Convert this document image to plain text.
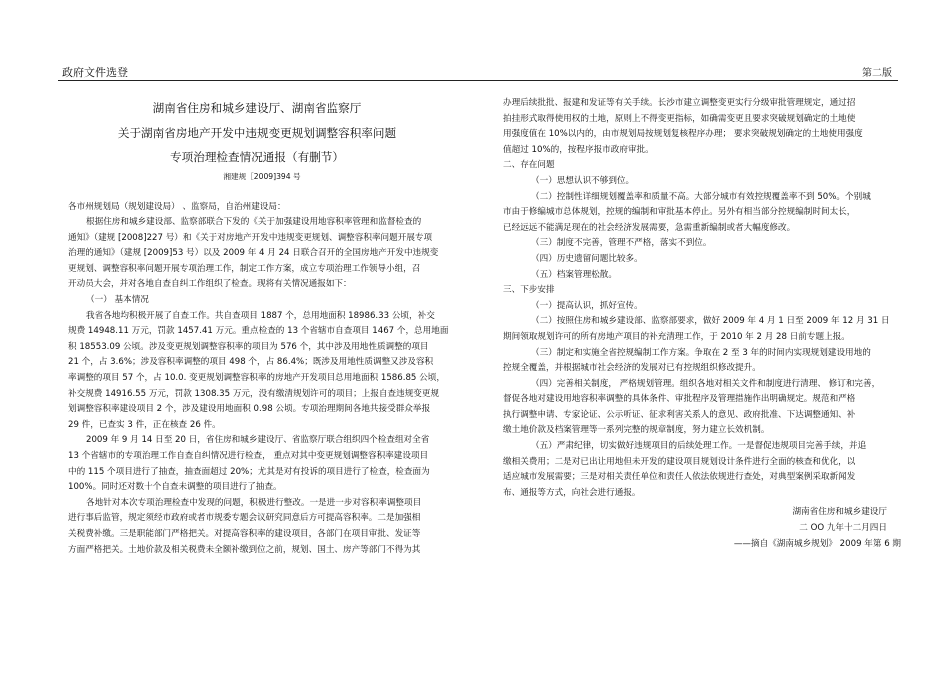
政府文件选登	第二版

湖南省住房和城乡建设厅、湖南省监察厅

关于湖南省房地产开发中违规变更规划调整容积率问题

专项治理检查情况通报（有删节）

湘建规［2009]394 号

各市州规划局（规划建设局） 、监察局，自治州建设局：

根据住房和城乡建设部、监察部联合下发的《关于加强建设用地容积率管理和监督检查的

通知》（建规 [2008]227 号）和《关于对房地产开发中违规变更规划、调整容积率问题开展专项

治理的通知》（建规 [2009]53 号）以及 2009 年 4 月 24 日联合召开的全国房地产开发中违规变

更规划、调整容积率问题开展专项治理工作，制定工作方案，成立专项治理工作领导小组，召

开动员大会，并对各地自查自纠工作组织了检查。现将有关情况通报如下：

（一） 基本情况

我省各地均积极开展了自查工作。共自查项目 1887 个，总用地面积 18986.33 公顷，补交

规费 14948.11 万元，罚款 1457.41 万元。重点检查的 13 个省辖市自查项目 1467 个，总用地面

积 18553.09 公顷。涉及变更规划调整容积率的项目为 576 个，其中涉及用地性质调整的项目

21 个，占 3.6%；涉及容积率调整的项目 498 个，占 86.4%；既涉及用地性质调整又涉及容积

率调整的项目 57 个，占 10.0. 变更规划调整容积率的房地产开发项目总用地面积 1586.85 公顷，

补交规费 14916.55 万元，罚款 1308.35 万元，没有缴清规划许可的项目；上报自查违规变更规

划调整容积率建设项目 2 个，涉及建设用地面积 0.98 公顷。专项治理期间各地共接受群众举报

29 件，已查实 3 件，正在核查 26 件。

2009 年 9 月 14 日至 20 日，省住房和城乡建设厅、省监察厅联合组织四个检查组对全省

13 个省辖市的专项治理工作自查自纠情况进行检查， 重点对其中变更规划调整容积率建设项目

中的 115 个项目进行了抽查，抽查面超过 20%；尤其是对有投诉的项目进行了检查，检查面为

100%。同时还对数十个自查未调整的项目进行了抽查。

各地针对本次专项治理检查中发现的问题，积极进行整改。一是进一步对容积率调整项目

进行事后监管，规定须经市政府或者市规委专题会议研究同意后方可提高容积率。二是加强相

关税费补缴。三是职能部门严格把关。对提高容积率的建设项目，各部门在项目审批、发证等

方面严格把关。土地价款及相关税费未全额补缴到位之前，规划、国土、房产等部门不得为其

办理后续批批、报建和发证等有关手续。长沙市建立调整变更实行分级审批管理规定，通过招

拍挂形式取得使用权的土地，原则上不得变更指标，如确需变更且要求突破规划确定的土地使

用强度值在 10%以内的，由市规划局按规划复核程序办理； 要求突破规划确定的土地使用强度

值超过 10%的，按程序报市政府审批。

二、存在问题

（一）思想认识不够到位。

（二）控制性详细规划覆盖率和质量不高。大部分城市有效控规覆盖率不到 50%。个别城

市由于修编城市总体规划，控规的编制和审批基本停止。另外有相当部分控规编制时间太长，

已经远远不能满足现在的社会经济发展需要，急需重新编制或者大幅度修改。

（三）制度不完善，管理不严格，落实不到位。

（四）历史遗留问题比较多。

（五）档案管理松散。

三、下步安排

（一）提高认识，抓好宣传。

（二）按照住房和城乡建设部、监察部要求，做好 2009 年 4 月 1 日至 2009 年 12 月 31 日

期间领取规划许可的所有房地产项目的补充清理工作，于 2010 年 2 月 28 日前专题上报。

（三）制定和实施全省控规编制工作方案。争取在 2 至 3 年的时间内实现规划建设用地的

控规全覆盖，并根据城市社会经济的发展对已有控规组织修改提升。

（四）完善相关制度， 严格规划管理。组织各地对相关文件和制度进行清理、 修订和完善，

督促各地对建设用地容积率调整的具体条件、审批程序及管理措施作出明确规定。规范和严格

执行调整申请、专家论证、公示听证、征求利害关系人的意见、政府批准、下达调整通知、补

缴土地价款及档案管理等一系列完整的规章制度，努力建立长效机制。

（五）严肃纪律，切实做好违规项目的后续处理工作。一是督促违规项目完善手续，并追

缴相关费用；二是对已出让用地但未开发的建设项目规划设计条件进行全面的核查和优化，以

适应城市发展需要；三是对相关责任单位和责任人依法依规进行查处，对典型案例采取新闻发

布、通报等方式，向社会进行通报。

湖南省住房和城乡建设厅

二 OO 九年十二月四日

——摘自《湖南城乡规划》 2009 年第 6 期
